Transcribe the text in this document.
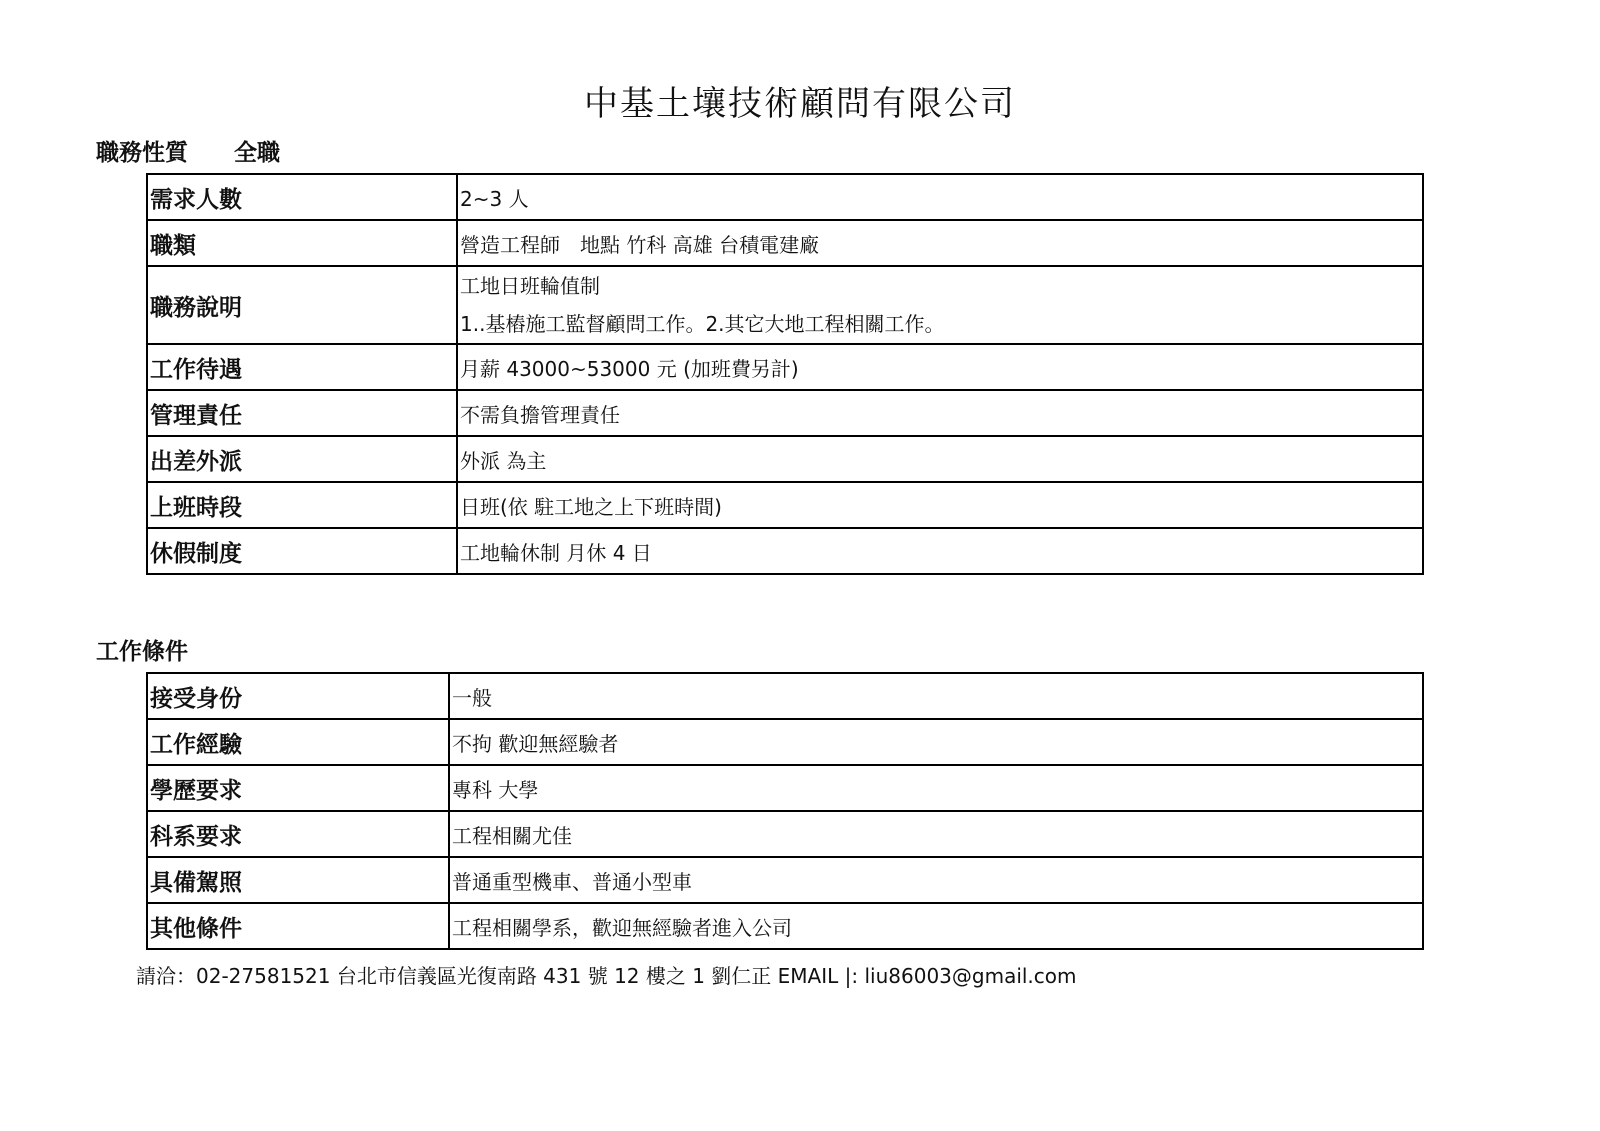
中基土壤技術顧問有限公司
職務性質 全職
需求人數	2~3 人
職類	營造工程師　地點 竹科 高雄 台積電建廠
職務說明	工地日班輪值制
1..基樁施工監督顧問工作。2.其它大地工程相關工作。

工作待遇	月薪 43000~53000 元 (加班費另計)
管理責任	不需負擔管理責任
出差外派	外派 為主
上班時段	日班(依 駐工地之上下班時間)
休假制度	工地輪休制 月休 4 日
工作條件
接受身份	一般
工作經驗	不拘 歡迎無經驗者
學歷要求	專科 大學
科系要求	工程相關尤佳
具備駕照	普通重型機車、普通小型車
其他條件	工程相關學系，歡迎無經驗者進入公司
請洽：02-27581521 台北市信義區光復南路 431 號 12 樓之 1 劉仁正 EMAIL |: liu86003@gmail.com
